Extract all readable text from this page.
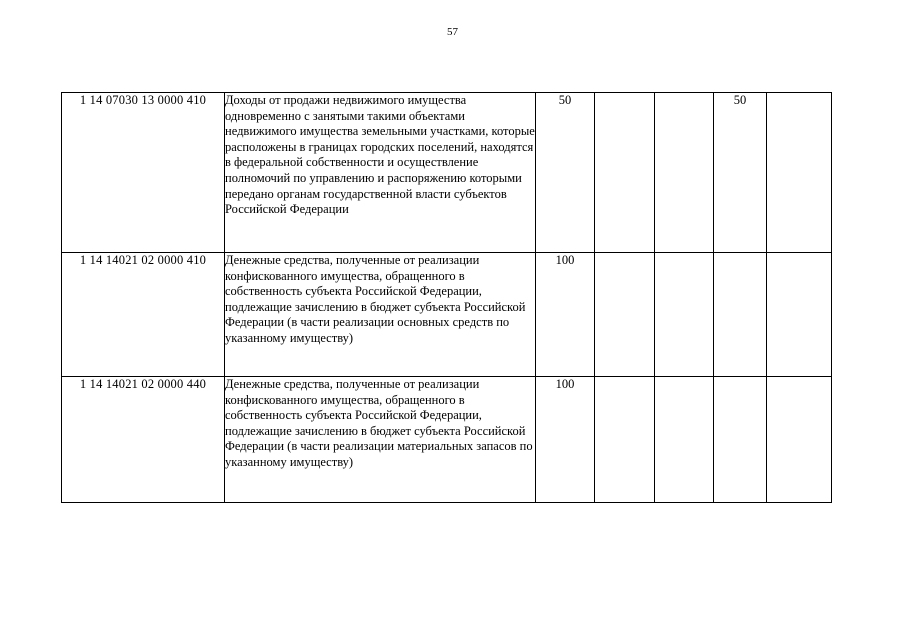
57
1 14 07030 13 0000 410	Доходы от продажи недвижимого имущества одновременно с занятыми такими объектами недвижимого имущества земельными участками, которые расположены в границах городских поселений, находятся в федеральной собственности и осуществление полномочий по управлению и распоряжению которыми передано органам государственной власти субъектов Российской Федерации	50			50	
1 14 14021 02 0000 410	Денежные средства, полученные от реализации конфискованного имущества, обращенного в собственность субъекта Российской Федерации, подлежащие зачислению в бюджет субъекта Российской Федерации (в части реализации основных средств по указанному имуществу)	100				
1 14 14021 02 0000 440	Денежные средства, полученные от реализации конфискованного имущества, обращенного в собственность субъекта Российской Федерации, подлежащие зачислению в бюджет субъекта Российской Федерации (в части реализации материальных запасов по указанному имуществу)	100				
